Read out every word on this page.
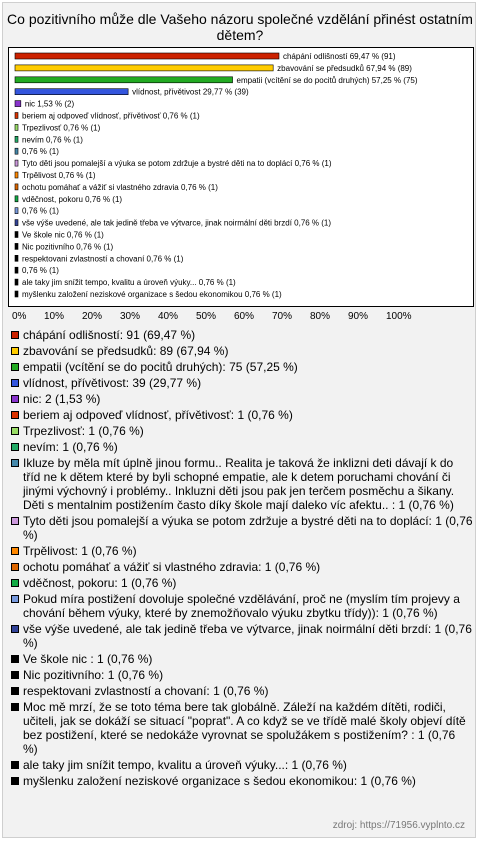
Co pozitivního může dle Vašeho názoru společné vzdělání přinést ostatním dětem?
chápání odlišností 69,47 % (91)
zbavování se předsudků 67,94 % (89)
empatii (vcítění se do pocitů druhých) 57,25 % (75)
vlídnost, přívětivost 29,77 % (39)
nic 1,53 % (2)
beriem aj odpoveď vlídnosť, přívětivosť 0,76 % (1)
Trpezlivosť 0,76 % (1)
nevím 0,76 % (1)
0,76 % (1)
Tyto děti jsou pomalejší a výuka se potom zdržuje a bystré děti na to doplácí 0,76 % (1)
Trpělivost 0,76 % (1)
ochotu pomáhať a vážiť si vlastného zdravia 0,76 % (1)
vděčnost, pokoru 0,76 % (1)
0,76 % (1)
vše výše uvedené, ale tak jedině třeba ve výtvarce, jinak noirmální děti brzdí 0,76 % (1)
Ve škole nic 0,76 % (1)
Nic pozitivního 0,76 % (1)
respektovani zvlastností a chovaní 0,76 % (1)
0,76 % (1)
ale taky jim snížit tempo, kvalitu a úroveň výuky... 0,76 % (1)
myšlenku založení neziskové organizace s šedou ekonomikou 0,76 % (1)
0% 10% 20% 30% 40% 50% 60% 70% 80% 90% 100%
chápání odlišností: 91 (69,47 %)
zbavování se předsudků: 89 (67,94 %)
empatii (vcítění se do pocitů druhých): 75 (57,25 %)
vlídnost, přívětivost: 39 (29,77 %)
nic: 2 (1,53 %)
beriem aj odpoveď vlídnosť, přívětivosť: 1 (0,76 %)
Trpezlivosť: 1 (0,76 %)
nevím: 1 (0,76 %)
Ikluze by měla mít úplně jinou formu.. Realita je taková že inklizni deti dávají k do tříd ne k dětem které by byli schopné empatie, ale k detem poruchami chování či jinými výchovný i problémy.. Inkluzni děti jsou pak jen terčem posměchu a šikany. Děti s mentalnim postižením často díky škole mají daleko víc afektu.. : 1 (0,76 %)
Tyto děti jsou pomalejší a výuka se potom zdržuje a bystré děti na to doplácí: 1 (0,76 %)
Trpělivost: 1 (0,76 %)
ochotu pomáhať a vážiť si vlastného zdravia: 1 (0,76 %)
vděčnost, pokoru: 1 (0,76 %)
Pokud míra postižení dovoluje společné vzdělávání, proč ne (myslím tím projevy a chování během výuky, které by znemožňovalo výuku zbytku třídy)): 1 (0,76 %)
vše výše uvedené, ale tak jedině třeba ve výtvarce, jinak noirmální děti brzdí: 1 (0,76 %)
Ve škole nic : 1 (0,76 %)
Nic pozitivního: 1 (0,76 %)
respektovani zvlastností a chovaní: 1 (0,76 %)
Moc mě mrzí, že se toto téma bere tak globálně. Záleží na každém dítěti, rodiči, učiteli, jak se dokáží se situací "poprat". A co když se ve třídě malé školy objeví dítě bez postižení, které se nedokáže vyrovnat se spolužákem s postižením? : 1 (0,76 %)
ale taky jim snížit tempo, kvalitu a úroveň výuky...: 1 (0,76 %)
myšlenku založení neziskové organizace s šedou ekonomikou: 1 (0,76 %)
zdroj: https://71956.vyplnto.cz
